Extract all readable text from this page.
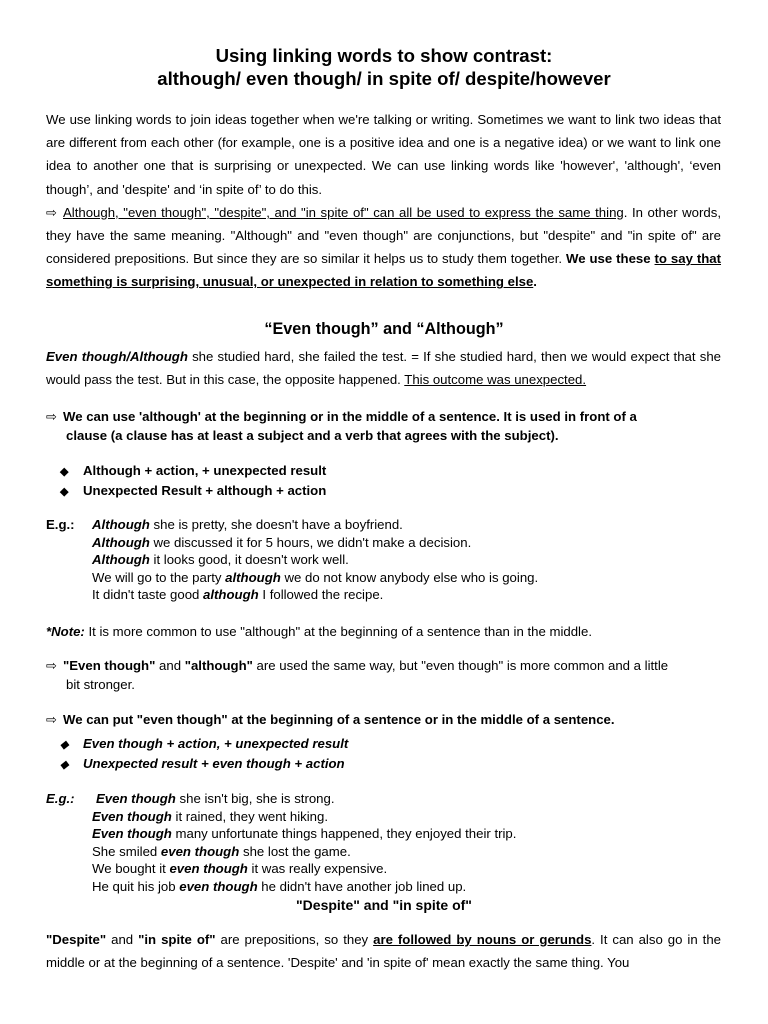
Using linking words to show contrast:

although/ even though/ in spite of/ despite/however

We use linking words to join ideas together when we're talking or writing. Sometimes we want to link two ideas that are different from each other (for example, one is a positive idea and one is a negative idea) or we want to link one idea to another one that is surprising or unexpected. We can use linking words like 'however', 'although', ‘even though’, and 'despite' and ‘in spite of’ to do this.
⇨ Although, "even though", "despite", and "in spite of" can all be used to express the same thing. In other words, they have the same meaning. "Although" and "even though" are conjunctions, but "despite" and "in spite of" are considered prepositions. But since they are so similar it helps us to study them together. We use these to say that something is surprising, unusual, or unexpected in relation to something else.

“Even though” and “Although”

Even though/Although she studied hard, she failed the test. = If she studied hard, then we would expect that she would pass the test. But in this case, the opposite happened. This outcome was unexpected.

⇨ We can use 'although' at the beginning or in the middle of a sentence. It is used in front of a
clause (a clause has at least a subject and a verb that agrees with the subject).

◆ Although + action, + unexpected result
◆ Unexpected Result + although + action
E.g.: Although she is pretty, she doesn't have a boyfriend.
Although we discussed it for 5 hours, we didn't make a decision.
Although it looks good, it doesn't work well.
We will go to the party although we do not know anybody else who is going.
It didn't taste good although I followed the recipe.

*Note: It is more common to use "although" at the beginning of a sentence than in the middle.

⇨ "Even though" and "although" are used the same way, but "even though" is more common and a little
bit stronger.

⇨ We can put "even though" at the beginning of a sentence or in the middle of a sentence.

◆ Even though + action, + unexpected result
◆ Unexpected result + even though + action
E.g.: Even though she isn't big, she is strong.
Even though it rained, they went hiking.
Even though many unfortunate things happened, they enjoyed their trip.
She smiled even though she lost the game.
We bought it even though it was really expensive.
He quit his job even though he didn't have another job lined up.

"Despite" and "in spite of"

"Despite" and "in spite of" are prepositions, so they are followed by nouns or gerunds. It can also go in the middle or at the beginning of a sentence. 'Despite' and 'in spite of' mean exactly the same thing. You
